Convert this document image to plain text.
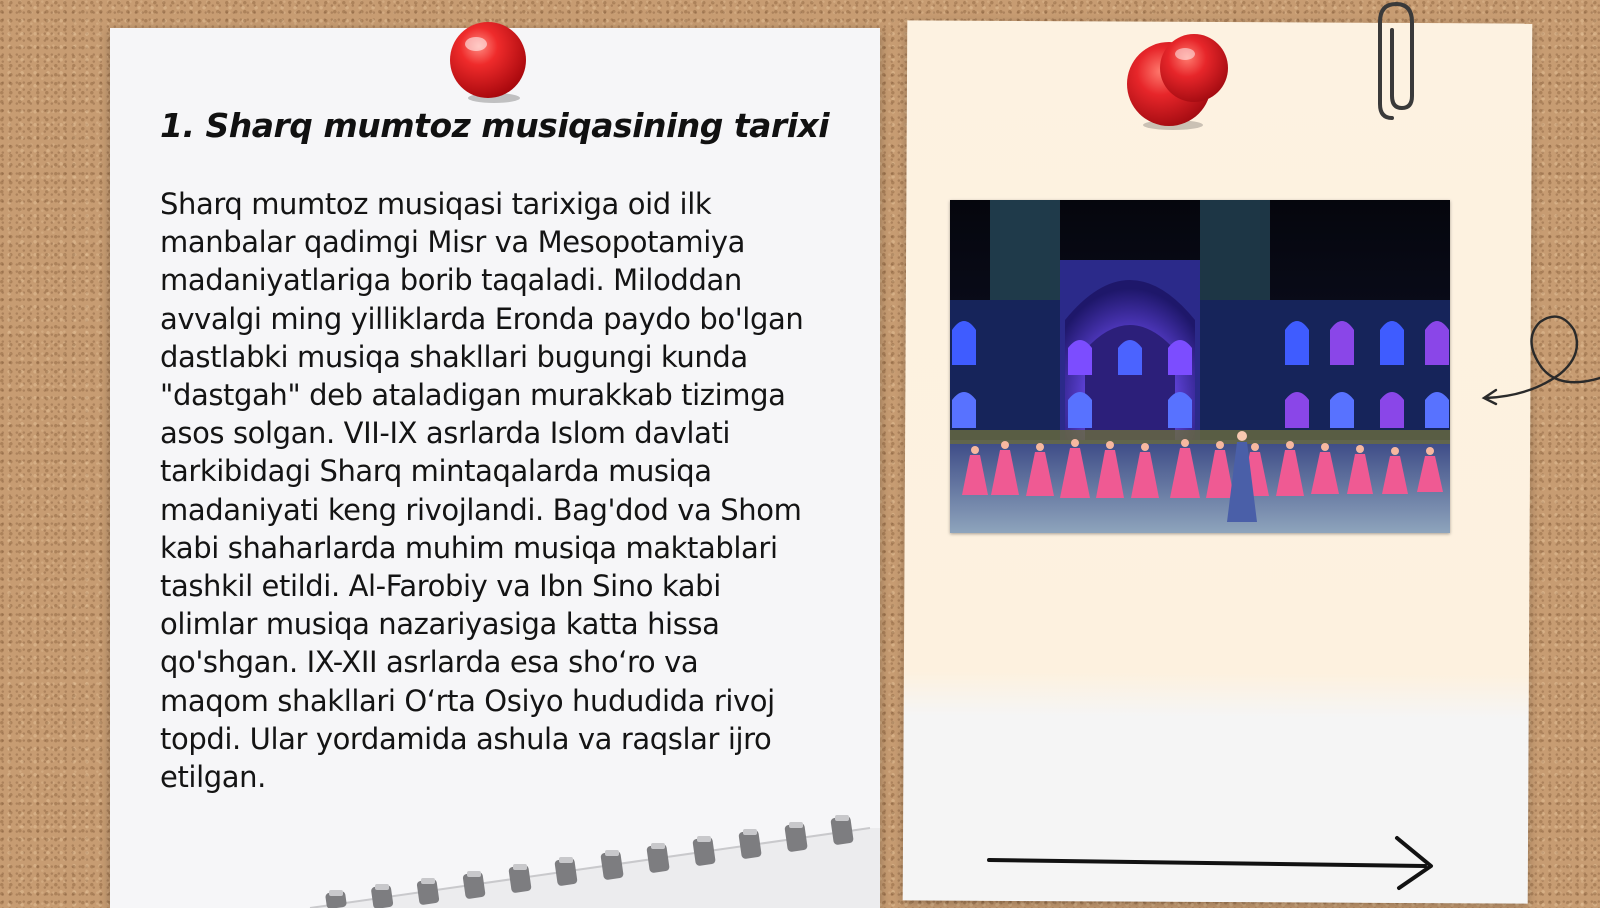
1. Sharq mumtoz musiqasining tarixi

Sharq mumtoz musiqasi tarixiga oid ilk
manbalar qadimgi Misr va Mesopotamiya
madaniyatlariga borib taqaladi. Miloddan
avvalgi ming yilliklarda Eronda paydo bo'lgan
dastlabki musiqa shakllari bugungi kunda
"dastgah" deb ataladigan murakkab tizimga
asos solgan. VII-IX asrlarda Islom davlati
tarkibidagi Sharq mintaqalarda musiqa
madaniyati keng rivojlandi. Bag'dod va Shom
kabi shaharlarda muhim musiqa maktablari
tashkil etildi. Al-Farobiy va Ibn Sino kabi
olimlar musiqa nazariyasiga katta hissa
qo'shgan. IX-XII asrlarda esa sho‘ro va
maqom shakllari O‘rta Osiyo hududida rivoj
topdi. Ular yordamida ashula va raqslar ijro
etilgan.
